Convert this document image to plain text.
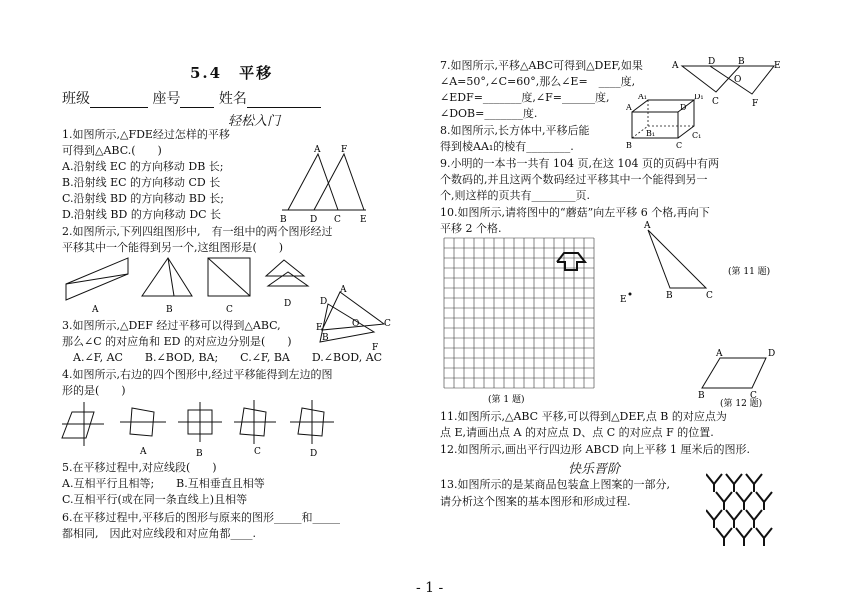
5.4　平移
班级	座号	姓名
轻松入门
1.如图所示,△FDE经过怎样的平移
可得到△ABC.(　　)
A.沿射线 EC 的方向移动 DB 长;
B.沿射线 EC 的方向移动 CD 长
C.沿射线 BD 的方向移动 BD 长;
D.沿射线 BD 的方向移动 DC 长
2.如图所示,下列四组图形中,　有一组中的两个图形经过
平移其中一个能得到另一个,这组图形是(　　)
3.如图所示,△DEF 经过平移可以得到△ABC,
那么∠C 的对应角和 ED 的对应边分别是(　　)
　A.∠F, AC　　B.∠BOD, BA;　　C.∠F, BA　　D.∠BOD, AC
4.如图所示,右边的四个图形中,经过平移能得到左边的图
形的是(　　)
5.在平移过程中,对应线段(　　)
A.互相平行且相等;　　B.互相垂直且相等
C.互相平行(或在同一条直线上)且相等
6.在平移过程中,平移后的图形与原来的图形_____和_____
都相同,　因此对应线段和对应角都____.
A F
B	D C E
A	B	C
D
A
D
E	O
B
C
F
A	B	C	D
7.如图所示,平移△ABC可得到△DEF,如果
∠A=50°,∠C=60°,那么∠E=　____度,
∠EDF=_______度,∠F=______度,
∠DOB=_______度.
8.如图所示,长方体中,平移后能
得到棱AA₁的棱有________.
9.小明的一本书一共有 104 页,在这 104 页的页码中有两
个数码的,并且这两个数码经过平移其中一个能得到另一
个,则这样的页共有________页.
10.如图所示,请将图中的“蘑菇”向左平移 6 个格,再向下
平移 2 个格.
11.如图所示,△ABC 平移,可以得到△DEF,点 B 的对应点为
点 E,请画出点 A 的对应点 D、点 C 的对应点 F 的位置.
12.如图所示,画出平行四边形 ABCD 向上平移 1 厘米后的图形.
快乐晋阶
13.如图所示的是某商品包装盒上图案的一部分,
请分析这个图案的基本图形和形成过程.
A	D	B	E
O
C	F
A₁	D₁
B₁	C₁
A	D
B	C
(第 1 题)
A
B	C
E
(第 11 题)
A	D
B	C
(第 12 题)
- 1 -
